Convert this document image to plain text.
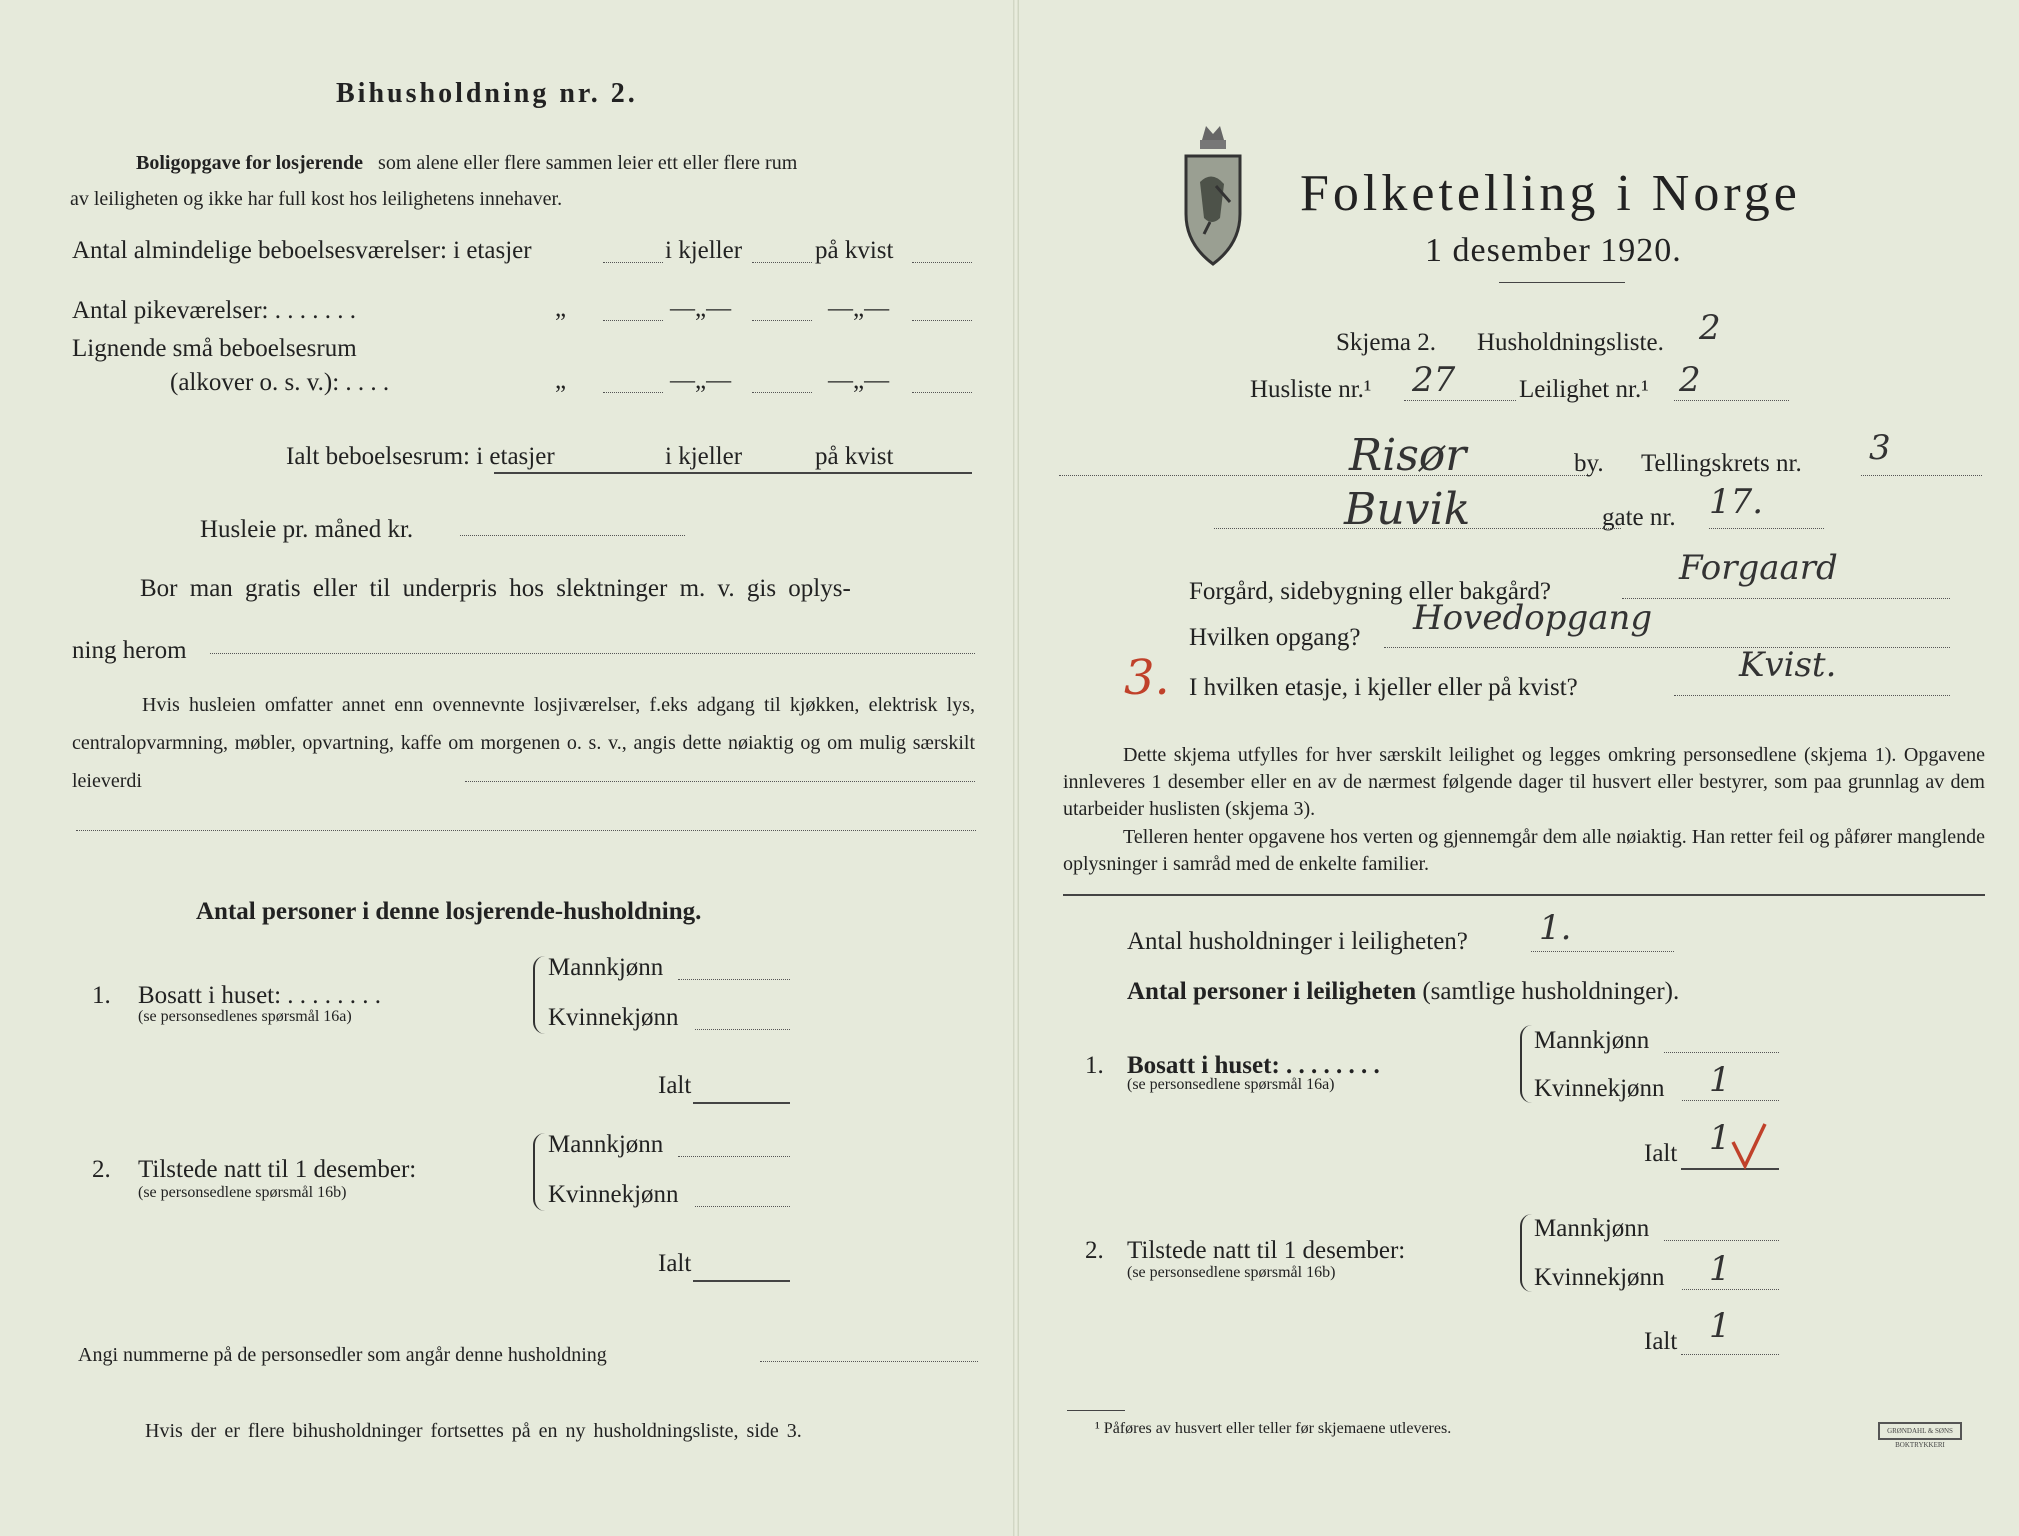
Bihusholdning nr. 2.
Boligopgave for losjerende som alene eller flere sammen leier ett eller flere rum
av leiligheten og ikke har full kost hos leilighetens innehaver.
Antal almindelige beboelsesværelser: i etasjer	i kjeller	på kvist
Antal pikeværelser: . . . . . . .	„	—„—	—„—
Lignende små beboelsesrum
(alkover o. s. v.): . . . .	„	—„—	—„—
Ialt beboelsesrum: i etasjer	i kjeller	på kvist
Husleie pr. måned kr.
Bor man gratis eller til underpris hos slektninger m. v. gis oplys-
ning herom
Hvis husleien omfatter annet enn ovennevnte losjiværelser, f.eks adgang til kjøkken, elektrisk lys, centralopvarmning, møbler, opvartning, kaffe om morgenen o. s. v., angis dette nøiaktig og om mulig særskilt leieverdi
Antal personer i denne losjerende-husholdning.
1. Bosatt i huset: . . . . . . . .
(se personsedlenes spørsmål 16a)
Mannkjønn
Kvinnekjønn
Ialt
2. Tilstede natt til 1 desember:
(se personsedlene spørsmål 16b)
Mannkjønn
Kvinnekjønn
Ialt
Angi nummerne på de personsedler som angår denne husholdning
Hvis der er flere bihusholdninger fortsettes på en ny husholdningsliste, side 3.
Folketelling i Norge
1 desember 1920.
Skjema 2. Husholdningsliste. 2
Husliste nr.¹ 27	Leilighet nr.¹ 2
Risør	by. Tellingskrets nr. 3
Buvik	gate nr. 17.
Forgård, sidebygning eller bakgård?
Forgaard
Hvilken opgang? Hovedopgang
3. I hvilken etasje, i kjeller eller på kvist?
Kvist.
Dette skjema utfylles for hver særskilt leilighet og legges omkring personsedlene (skjema 1). Opgavene innleveres 1 desember eller en av de nærmest følgende dager til husvert eller bestyrer, som paa grunnlag av dem utarbeider huslisten (skjema 3).
Telleren henter opgavene hos verten og gjennemgår dem alle nøiaktig. Han retter feil og påfører manglende oplysninger i samråd med de enkelte familier.
Antal husholdninger i leiligheten? 1.
Antal personer i leiligheten (samtlige husholdninger).
1. Bosatt i huset: . . . . . . . .
(se personsedlene spørsmål 16a)
Mannkjønn
Kvinnekjønn 1
Ialt 1
2. Tilstede natt til 1 desember:
(se personsedlene spørsmål 16b)
Mannkjønn
Kvinnekjønn 1
Ialt 1
¹ Påføres av husvert eller teller før skjemaene utleveres.	GRØNDAHL & SØNS BOKTRYKKERI
